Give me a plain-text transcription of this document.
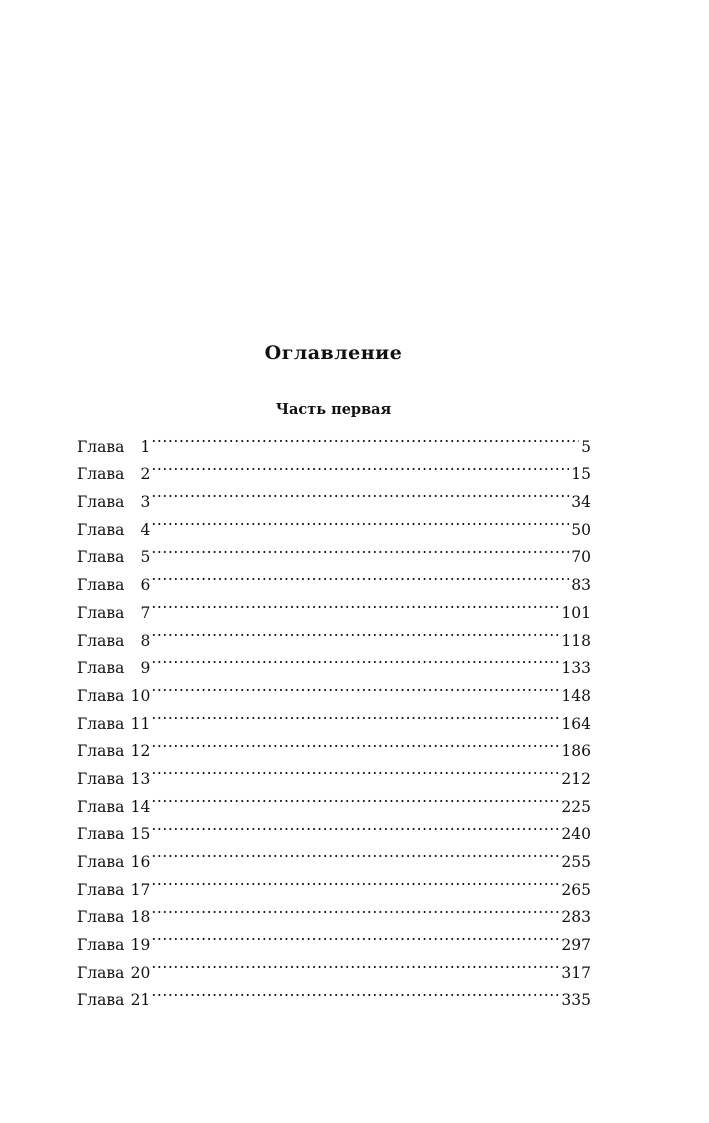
Оглавление
Часть первая
Глава	1 .....	5
Глава	2 .....	15
Глава	3 .....	34
Глава	4 .....	50
Глава	5 .....	70
Глава	6 .....	83
Глава	7 .....	101
Глава	8 .....	118
Глава	9 .....	133
Глава 10 .....	148
Глава 11 .....	164
Глава 12 .....	186
Глава 13 .....	212
Глава 14 .....	225
Глава 15 .....	240
Глава 16 .....	255
Глава 17 .....	265
Глава 18 .....	283
Глава 19 .....	297
Глава 20 .....	317
Глава 21 .....	335
